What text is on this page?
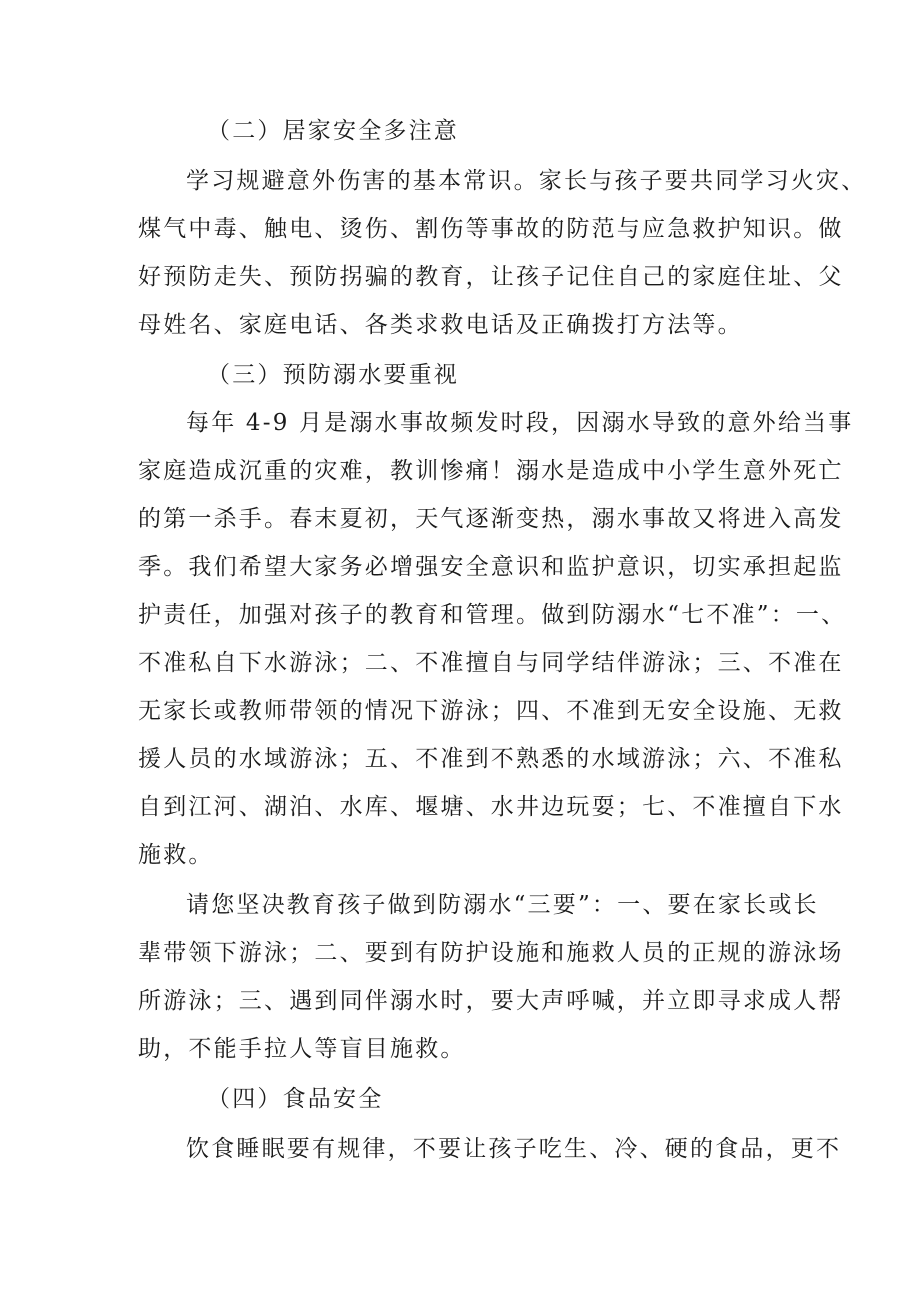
（二）居家安全多注意
学习规避意外伤害的基本常识。家长与孩子要共同学习火灾、
煤气中毒、触电、烫伤、割伤等事故的防范与应急救护知识。做
好预防走失、预防拐骗的教育，让孩子记住自己的家庭住址、父
母姓名、家庭电话、各类求救电话及正确拨打方法等。
（三）预防溺水要重视
每年 4-9 月是溺水事故频发时段，因溺水导致的意外给当事
家庭造成沉重的灾难，教训惨痛！溺水是造成中小学生意外死亡
的第一杀手。春末夏初，天气逐渐变热，溺水事故又将进入高发
季。我们希望大家务必增强安全意识和监护意识，切实承担起监
护责任，加强对孩子的教育和管理。做到防溺水“七不准”：一、
不准私自下水游泳；二、不准擅自与同学结伴游泳；三、不准在
无家长或教师带领的情况下游泳；四、不准到无安全设施、无救
援人员的水域游泳；五、不准到不熟悉的水域游泳；六、不准私
自到江河、湖泊、水库、堰塘、水井边玩耍；七、不准擅自下水
施救。
请您坚决教育孩子做到防溺水“三要”：一、要在家长或长
辈带领下游泳；二、要到有防护设施和施救人员的正规的游泳场
所游泳；三、遇到同伴溺水时，要大声呼喊，并立即寻求成人帮
助，不能手拉人等盲目施救。
（四）食品安全
饮食睡眠要有规律，不要让孩子吃生、冷、硬的食品，更不
